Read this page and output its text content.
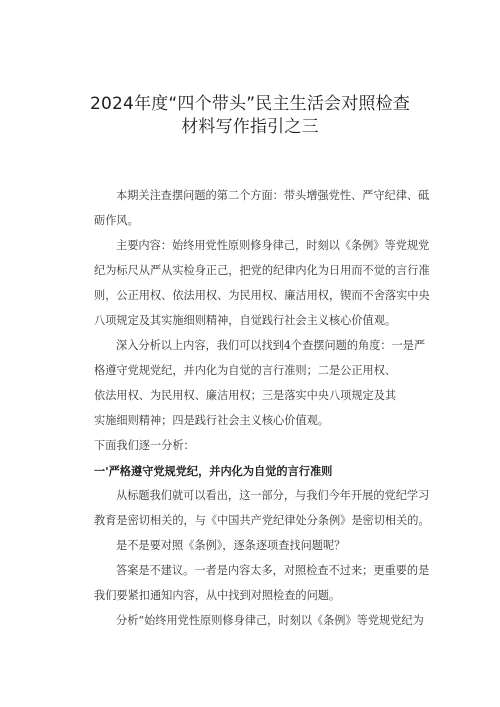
2024年度“四个带头”民主生活会对照检查
材料写作指引之三
本期关注查摆问题的第二个方面：带头增强党性、严守纪律、砥
砺作风。
主要内容：始终用党性原则修身律己，时刻以《条例》等党规党
纪为标尺从严从实检身正己，把党的纪律内化为日用而不觉的言行准
则，公正用权、依法用权、为民用权、廉洁用权，锲而不舍落实中央
八项规定及其实施细则精神，自觉践行社会主义核心价值观。
深入分析以上内容，我们可以找到4个查摆问题的角度：一是严
格遵守党规党纪，并内化为自觉的言行准则；二是公正用权、
依法用权、为民用权、廉洁用权；三是落实中央八项规定及其
实施细则精神；四是践行社会主义核心价值观。
下面我们逐一分析：
一'严格遵守党规党纪，并内化为自觉的言行准则
从标题我们就可以看出，这一部分，与我们今年开展的党纪学习
教育是密切相关的，与《中国共产党纪律处分条例》是密切相关的。
是不是要对照《条例》，逐条逐项查找问题呢？
答案是不建议。一者是内容太多，对照检查不过来；更重要的是
我们要紧扣通知内容，从中找到对照检查的问题。
分析“始终用党性原则修身律己，时刻以《条例》等党规党纪为
